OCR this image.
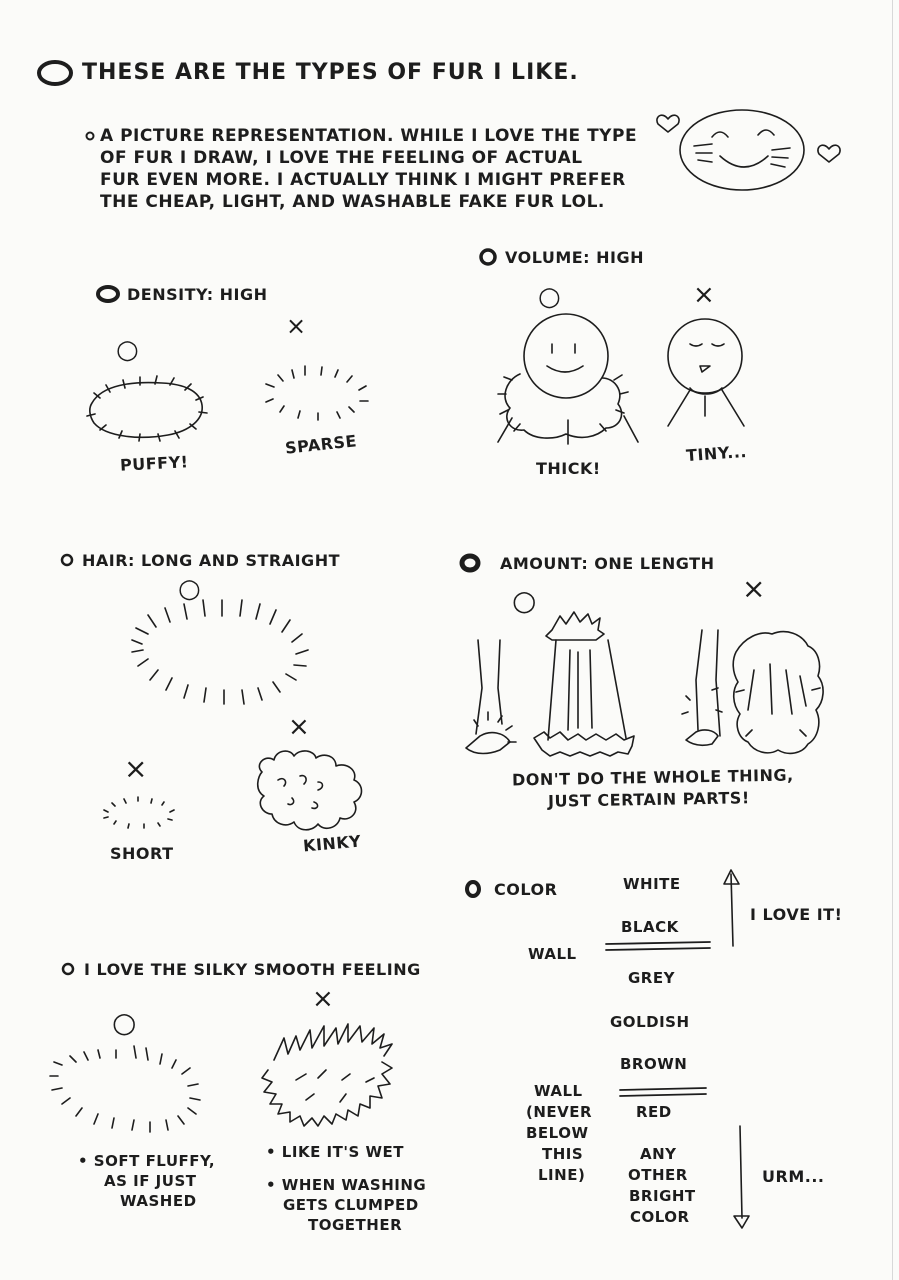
THESE ARE THE TYPES OF FUR I LIKE.
A PICTURE REPRESENTATION. WHILE I LOVE THE TYPE
OF FUR I DRAW, I LOVE THE FEELING OF ACTUAL
FUR EVEN MORE. I ACTUALLY THINK I MIGHT PREFER
THE CHEAP, LIGHT, AND WASHABLE FAKE FUR LOL.
DENSITY: HIGH
○
×
PUFFY!
SPARSE
VOLUME: HIGH
○	×
THICK!
TINY...
HAIR: LONG AND STRAIGHT
○
×
×
SHORT	KINKY
AMOUNT: ONE LENGTH
○	×
DON'T DO THE WHOLE THING,
JUST CERTAIN PARTS!
I LOVE THE SILKY SMOOTH FEELING
○
×
• SOFT FLUFFY,
AS IF JUST
WASHED
• LIKE IT'S WET
• WHEN WASHING
GETS CLUMPED
TOGETHER
COLOR	WHITE
BLACK
GREY
GOLDISH
BROWN
RED
ANY
OTHER
BRIGHT
COLOR
WALL
WALL
(NEVER
BELOW
THIS
LINE)
I LOVE IT!
URM...
